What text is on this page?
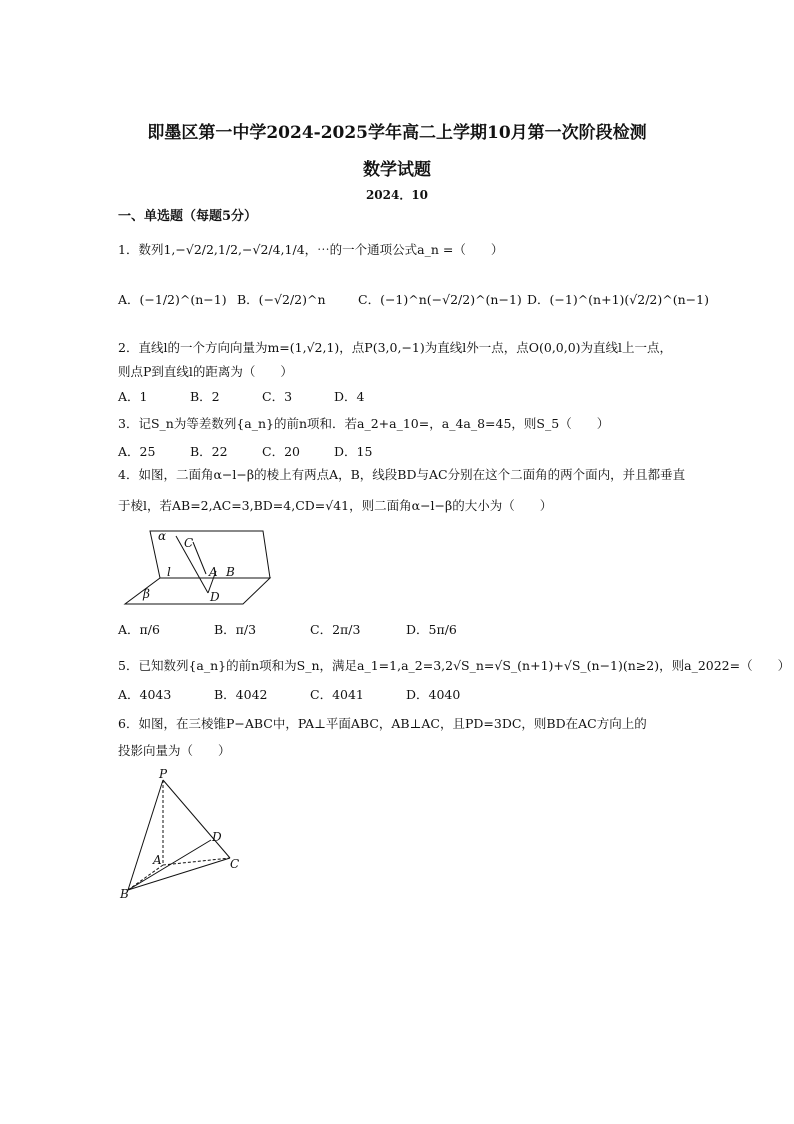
即墨区第一中学2024-2025学年高二上学期10月第一次阶段检测
数学试题
2024．10
一、单选题（每题5分）
1．数列1,−√2/2,1/2,−√2/4,1/4，⋯的一个通项公式a_n =（　　）
A．(−1/2)^(n−1) B．(−√2/2)^n	C．(−1)^n(−√2/2)^(n−1) D．(−1)^(n+1)(√2/2)^(n−1)
2．直线l的一个方向向量为m=(1,√2,1)，点P(3,0,−1)为直线l外一点，点O(0,0,0)为直线l上一点，
则点P到直线l的距离为（　　）
A．1	B．2	C．3	D．4
3．记S_n为等差数列{a_n}的前n项和．若a_2+a_10=，a_4a_8=45，则S_5（　　）
A．25	B．22	C．20	D．15
4．如图，二面角α−l−β的棱上有两点A，B，线段BD与AC分别在这个二面角的两个面内，并且都垂直
于棱l，若AB=2,AC=3,BD=4,CD=√41，则二面角α−l−β的大小为（　　）
α C
l	A B
β	D
A．π/6	B．π/3	C．2π/3	D．5π/6
5．已知数列{a_n}的前n项和为S_n，满足a_1=1,a_2=3,2√S_n=√S_(n+1)+√S_(n−1)(n≥2)，则a_2022=（　　）
A．4043	B．4042	C．4041	D．4040
6．如图，在三棱锥P−ABC中，PA⊥平面ABC，AB⊥AC，且PD=3DC，则BD在AC方向上的
投影向量为（　　）
P
D
A	C
B
